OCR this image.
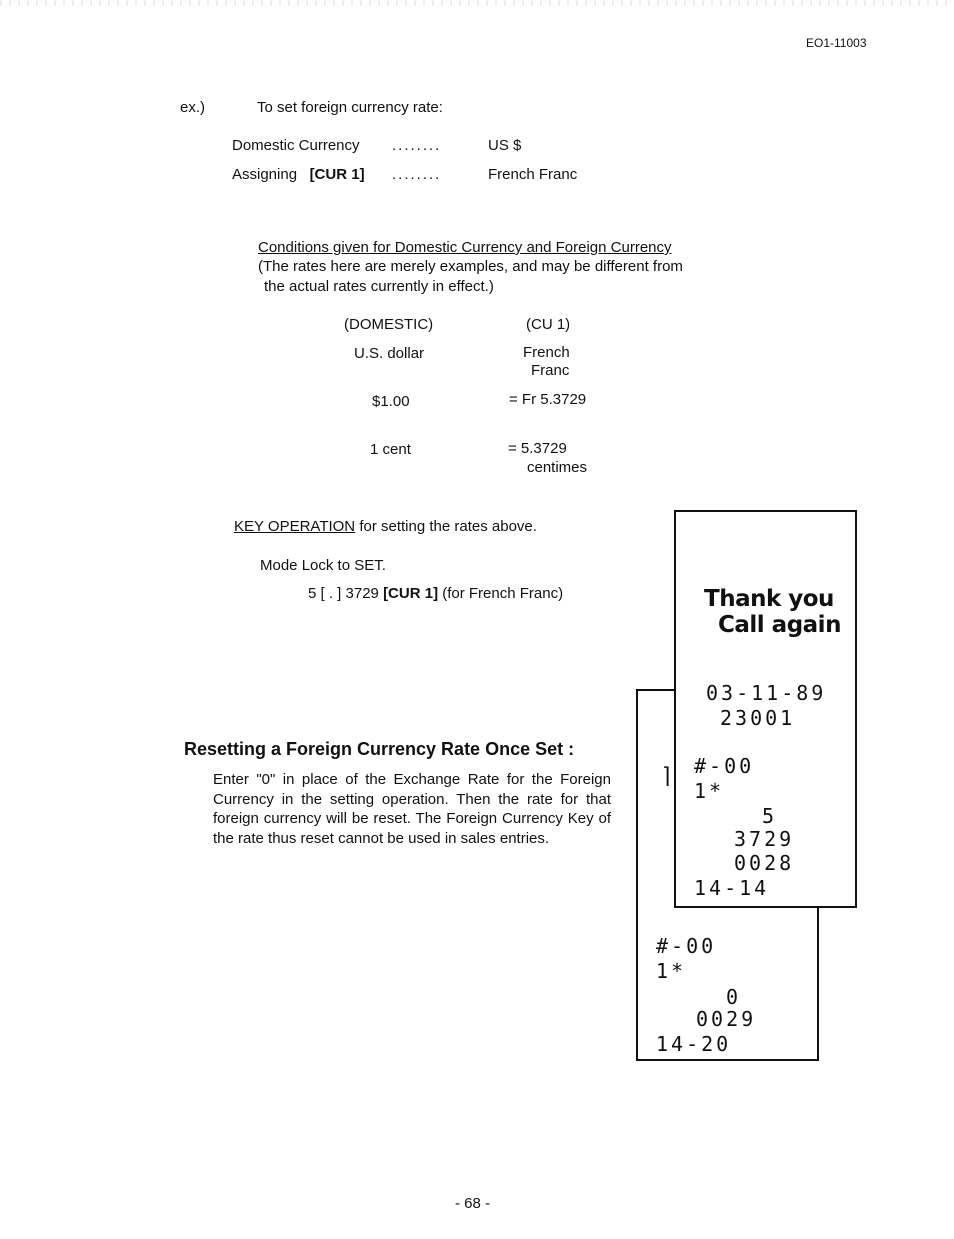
EO1-11003
ex.)	To set foreign currency rate:
Domestic Currency ........	US $
Assigning [CUR 1] ........	French Franc
Conditions given for Domestic Currency and Foreign Currency
(The rates here are merely examples, and may be different from
the actual rates currently in effect.)
(DOMESTIC)	(CU 1)
U.S. dollar	French
Franc
$1.00	= Fr 5.3729
1 cent	= 5.3729
centimes
KEY OPERATION for setting the rates above.
Mode Lock to SET.
5 [ . ] 3729 [CUR 1] (for French Franc)
Resetting a Foreign Currency Rate Once Set :
Enter "0" in place of the Exchange Rate for the Foreign Currency in the setting operation. Then the rate for that foreign currency will be reset. The Foreign Currency Key of the rate thus reset cannot be used in sales entries.
#-00
1*
0
0029
14-20
⌉
Thank you
Call again
03-11-89
23001
#-00
1*
5
3729
0028
14-14
- 68 -
